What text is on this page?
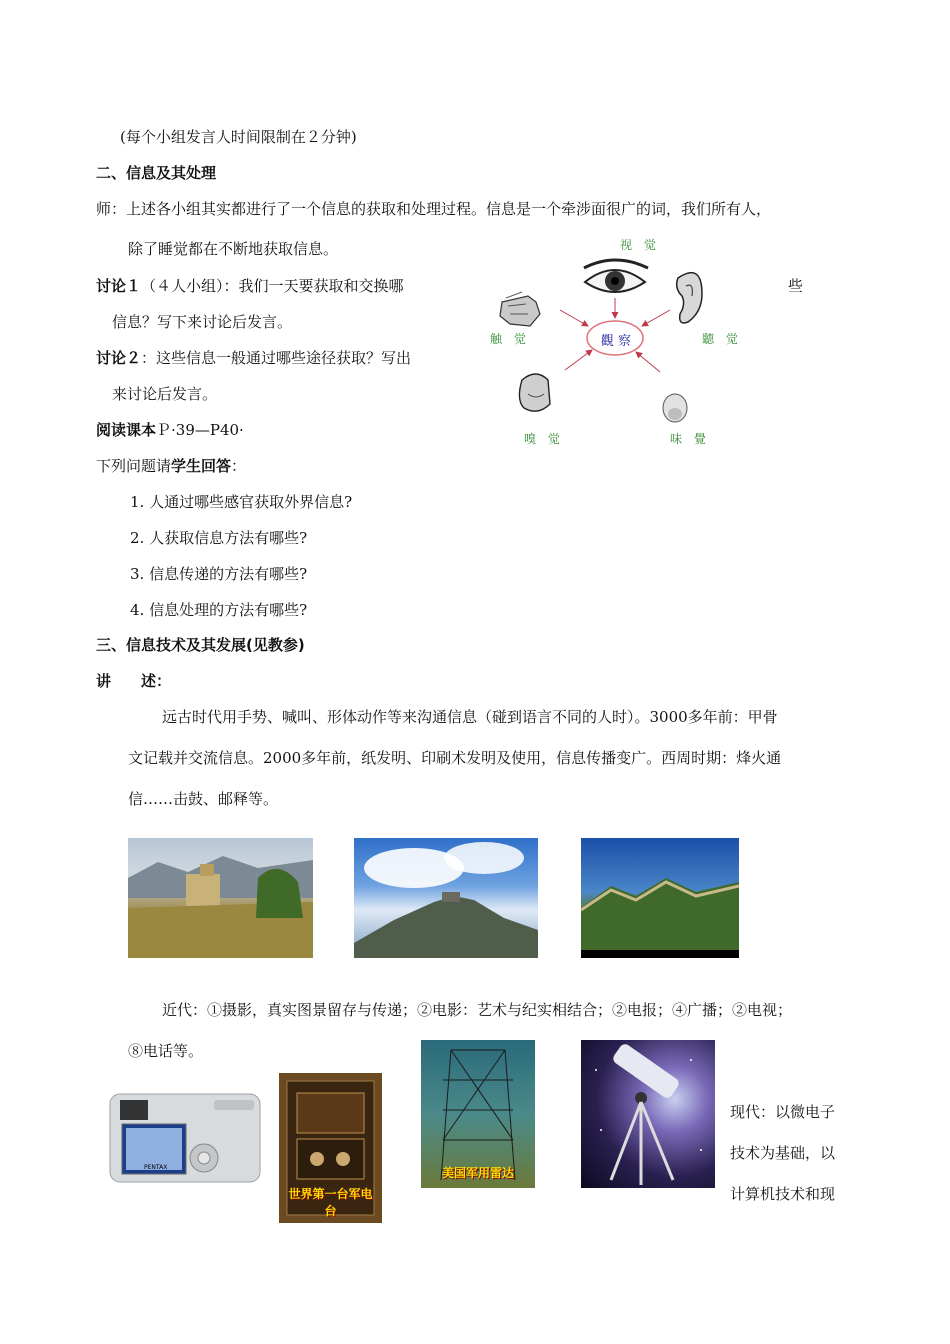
(每个小组发言人时间限制在２分钟)
二、信息及其处理
师：上述各小组其实都进行了一个信息的获取和处理过程。信息是一个牵涉面很广的词，我们所有人，
除了睡觉都在不断地获取信息。
讨论１（４人小组）：我们一天要获取和交换哪	些
信息？写下来讨论后发言。
讨论２：这些信息一般通过哪些途径获取？写出
来讨论后发言。
阅读课本Ｐ·39—P40·
下列问题请学生回答：
1. 人通过哪些感官获取外界信息?
2. 人获取信息方法有哪些?
3. 信息传递的方法有哪些?
4. 信息处理的方法有哪些?
三、信息技术及其发展(见教参)
讲　　述：
远古时代用手势、喊叫、形体动作等来沟通信息（碰到语言不同的人时）。3000多年前：甲骨
文记载并交流信息。2000多年前，纸发明、印刷术发明及使用，信息传播变广。西周时期：烽火通
信……击鼓、邮释等。
近代：①摄影，真实图景留存与传递；②电影：艺术与纪实相结合；②电报；④广播；②电视；
⑧电话等。
现代：以微电子
技术为基础，以
计算机技术和现
视 觉
触 觉	聽 觉
嗅 觉	味 覺
觀 察
PENTAX
世界第一台军电台
美国军用雷达
